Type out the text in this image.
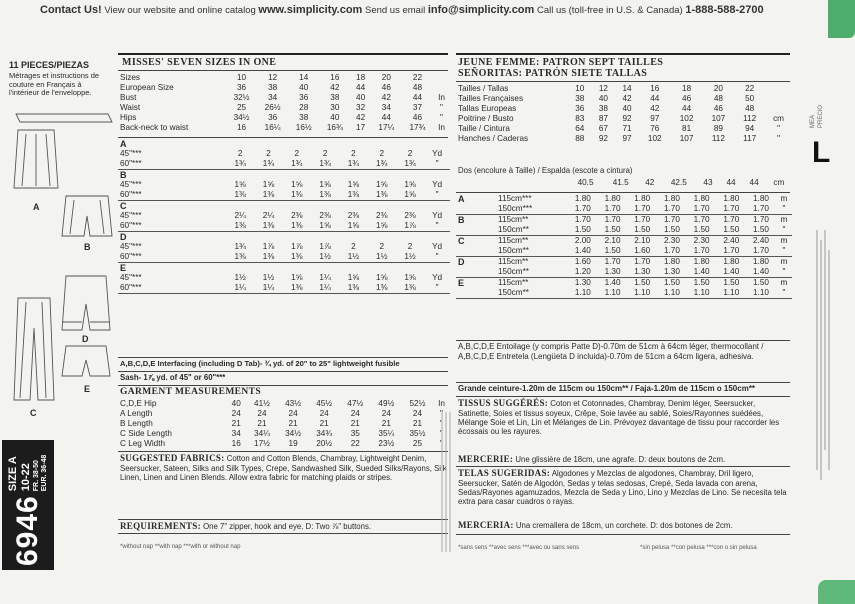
Contact Us! View our website and online catalog www.simplicity.com Send us email info@simplicity.com Call us (toll-free in U.S. & Canada) 1-888-588-2700
11 PIECES/PIEZAS
Métrages et instructions de couture en Français à l'intérieur de l'enveloppe.
A
B
C
D
E
6946
SIZE A 10-22 FR. 38-50 EUR. 36-48
MISSES' SEVEN SIZES IN ONE
Sizes	10	12	14	16	18	20	22	
European Size	36	38	40	42	44	46	48	
Bust	32½	34	36	38	40	42	44	In
Waist	25	26½	28	30	32	34	37	"
Hips	34½	36	38	40	42	44	46	"
Back-neck to waist	16	16¼	16½	16¾	17	17¼	17¾	In
A								
45"***	2	2	2	2	2	2	2	Yd
60"***	1¾	1¾	1¾	1¾	1¾	1¾	1¾	"
B								
45"***	1⅝	1⅝	1⅝	1⅝	1⅝	1⅝	1⅝	Yd
60"***	1⅜	1⅜	1⅜	1⅜	1⅜	1⅜	1⅝	"
C								
45"***	2¼	2¼	2⅜	2⅜	2⅜	2⅜	2⅜	Yd
60"***	1⅜	1⅜	1⅜	1⅝	1⅝	1⅝	1⅞	"
D								
45"***	1¾	1⅞	1⅞	1⅞	2	2	2	Yd
60"***	1⅜	1⅜	1⅜	1½	1½	1½	1½	"
E								
45"***	1½	1½	1⅝	1¼	1⅝	1⅝	1⅝	Yd
60"***	1¼	1¼	1⅜	1¼	1⅜	1⅜	1⅜	"
A,B,C,D,E Interfacing (including D Tab)- ¾ yd. of 20" to 25" lightweight fusible
Sash- 1⅞ yd. of 45" or 60"***
GARMENT MEASUREMENTS
C,D,E Hip	40	41½	43½	45½	47½	49½	52½	In
A Length	24	24	24	24	24	24	24	"
B Length	21	21	21	21	21	21	21	"
C Side Length	34	34¼	34½	34¾	35	35¼	35½	"
C Leg Width	16	17½	19	20½	22	23½	25	"
SUGGESTED FABRICS: Cotton and Cotton Blends, Chambray, Lightweight Denim, Seersucker, Sateen, Silks and Silk Types, Crepe, Sandwashed Silk, Sueded Silks/Rayons, Silk Linen, Linen and Linen Blends. Allow extra fabric for matching plaids or stripes.
REQUIREMENTS: One 7" zipper, hook and eye. D: Two ⅞" buttons.
*without nap **with nap ***with or without nap
JEUNE FEMME: PATRON SEPT TAILLES
SEÑORITAS: PATRÓN SIETE TALLAS
Tailles / Tallas	10	12	14	16	18	20	22	
Tailles Françaises	38	40	42	44	46	48	50	
Tallas Europeas	36	38	40	42	44	46	48	
Poitrine / Busto	83	87	92	97	102	107	112	cm
Taille / Cintura	64	67	71	76	81	89	94	"
Hanches / Caderas	88	92	97	102	107	112	117	"
Dos (encolure à Taille) / Espalda (escote a cintura)
	40.5	41.5	42	42.5	43	44	44	cm
A	115cm***	1.80	1.80	1.80	1.80	1.80	1.80	1.80	m
	150cm***	1.70	1.70	1.70	1.70	1.70	1.70	1.70	"
B	115cm**	1.70	1.70	1.70	1.70	1.70	1.70	1.70	m
	150cm**	1.50	1.50	1.50	1.50	1.50	1.50	1.50	"
C	115cm**	2.00	2.10	2.10	2.30	2.30	2.40	2.40	m
	150cm**	1.40	1.50	1.60	1.70	1.70	1.70	1.70	"
D	115cm**	1.60	1.70	1.70	1.80	1.80	1.80	1.80	m
	150cm**	1.20	1.30	1.30	1.30	1.40	1.40	1.40	"
E	115cm**	1.30	1.40	1.50	1.50	1.50	1.50	1.50	m
	150cm**	1.10	1.10	1.10	1.10	1.10	1.10	1.10	"
A,B,C,D,E Entoilage (y compris Patte D)-0.70m de 51cm à 64cm léger, thermocollant / A,B,C,D,E Entretela (Lengüeta D incluida)-0.70m de 51cm a 64cm ligera, adhesiva.
Grande ceinture-1.20m de 115cm ou 150cm** / Faja-1.20m de 115cm o 150cm**
TISSUS SUGGÉRÉS: Coton et Cotonnades, Chambray, Denim léger, Seersucker, Satinette, Soies et tissus soyeux, Crêpe, Soie lavée au sablé, Soies/Rayonnes suédées, Mélange Soie et Lin, Lin et Mélanges de Lin. Prévoyez davantage de tissu pour raccorder les écossais ou les rayures.
MERCERIE: Une glissière de 18cm, une agrafe. D: deux boutons de 2cm.
TELAS SUGERIDAS: Algodones y Mezclas de algodones, Chambray, Dril ligero, Seersucker, Satén de Algodón, Sedas y telas sedosas, Crepé, Seda lavada con arena, Sedas/Rayones agamuzados, Mezcla de Seda y Lino, Lino y Mezclas de Lino. Se necesita tela extra para casar cuadros o rayas.
MERCERIA: Una cremallera de 18cm, un corchete. D: dos botones de 2cm.
*sans sens **avec sens ***avec ou sans sens	*sin pelusa **con pelusa ***con o sin pelusa
MEA PRECIO
L
